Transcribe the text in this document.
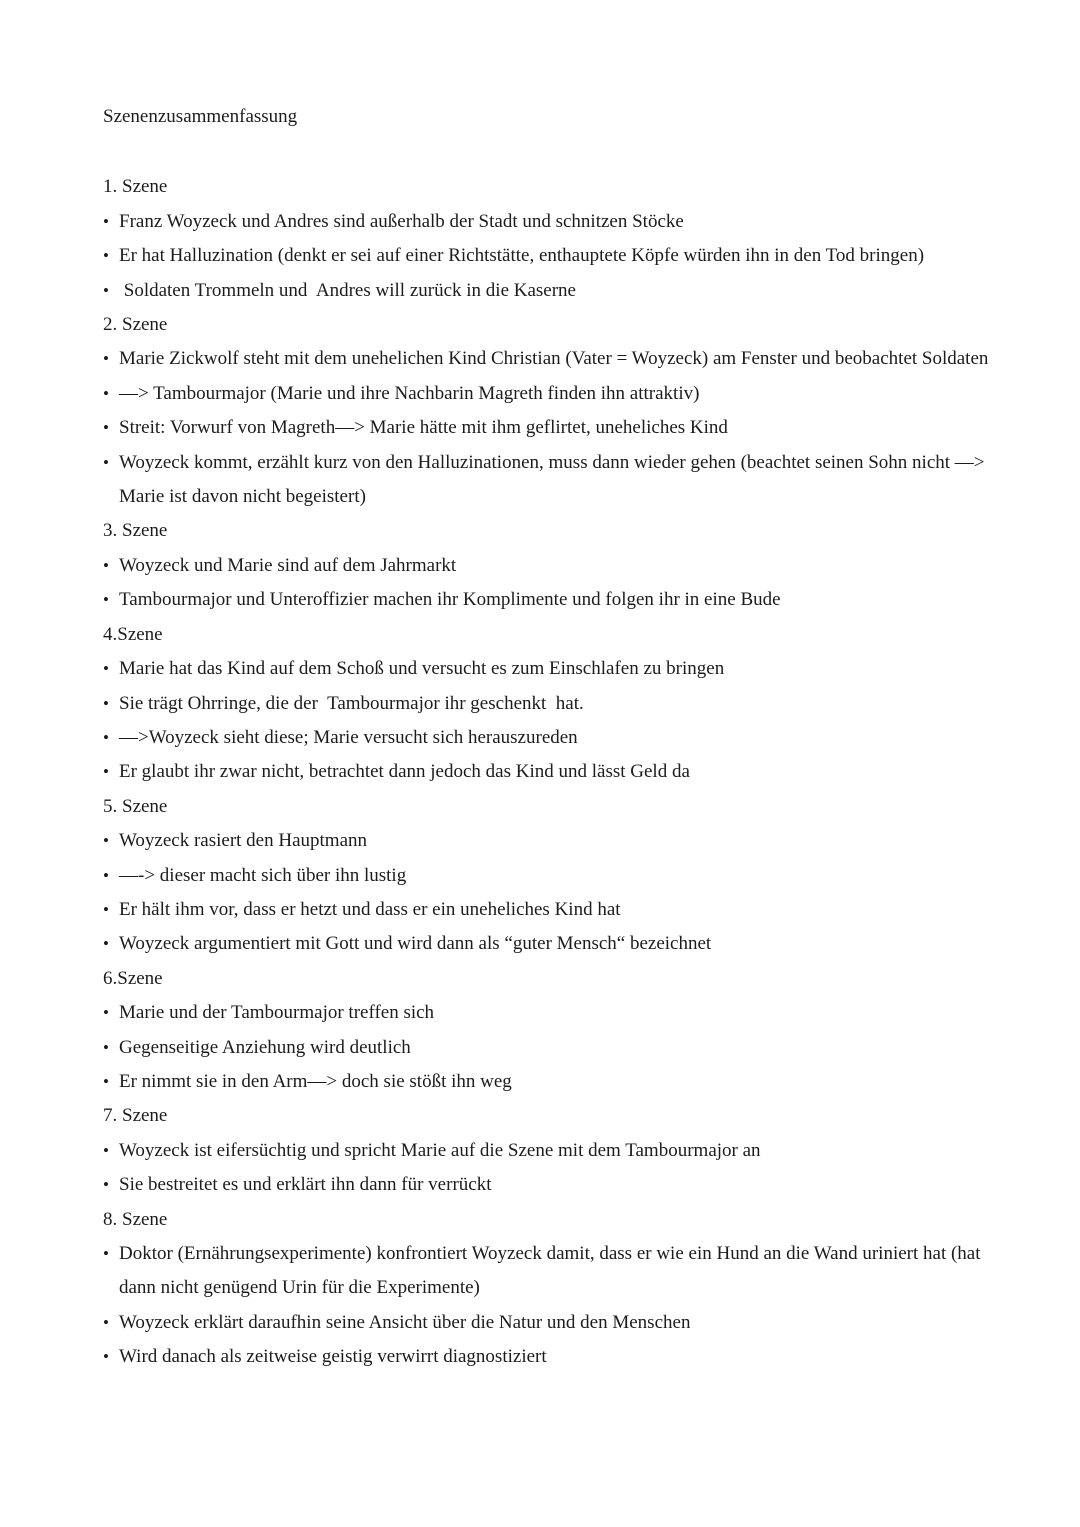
Szenenzusammenfassung
1. Szene
• Franz Woyzeck und Andres sind außerhalb der Stadt und schnitzen Stöcke
• Er hat Halluzination (denkt er sei auf einer Richtstätte, enthauptete Köpfe würden ihn in den Tod bringen)
• Soldaten Trommeln und  Andres will zurück in die Kaserne
2. Szene
• Marie Zickwolf steht mit dem unehelichen Kind Christian (Vater = Woyzeck) am Fenster und beobachtet Soldaten
• —> Tambourmajor (Marie und ihre Nachbarin Magreth finden ihn attraktiv)
• Streit: Vorwurf von Magreth—> Marie hätte mit ihm geflirtet, uneheliches Kind
• Woyzeck kommt, erzählt kurz von den Halluzinationen, muss dann wieder gehen (beachtet seinen Sohn nicht —> Marie ist davon nicht begeistert)
3. Szene
• Woyzeck und Marie sind auf dem Jahrmarkt
• Tambourmajor und Unteroffizier machen ihr Komplimente und folgen ihr in eine Bude
4.Szene
• Marie hat das Kind auf dem Schoß und versucht es zum Einschlafen zu bringen
• Sie trägt Ohrringe, die der  Tambourmajor ihr geschenkt  hat.
• —>Woyzeck sieht diese; Marie versucht sich herauszureden
• Er glaubt ihr zwar nicht, betrachtet dann jedoch das Kind und lässt Geld da
5. Szene
• Woyzeck rasiert den Hauptmann
• —-> dieser macht sich über ihn lustig
• Er hält ihm vor, dass er hetzt und dass er ein uneheliches Kind hat
• Woyzeck argumentiert mit Gott und wird dann als “guter Mensch“ bezeichnet
6.Szene
• Marie und der Tambourmajor treffen sich
• Gegenseitige Anziehung wird deutlich
• Er nimmt sie in den Arm—> doch sie stößt ihn weg
7. Szene
• Woyzeck ist eifersüchtig und spricht Marie auf die Szene mit dem Tambourmajor an
• Sie bestreitet es und erklärt ihn dann für verrückt
8. Szene
• Doktor (Ernährungsexperimente) konfrontiert Woyzeck damit, dass er wie ein Hund an die Wand uriniert hat (hat dann nicht genügend Urin für die Experimente)
• Woyzeck erklärt daraufhin seine Ansicht über die Natur und den Menschen
• Wird danach als zeitweise geistig verwirrt diagnostiziert
